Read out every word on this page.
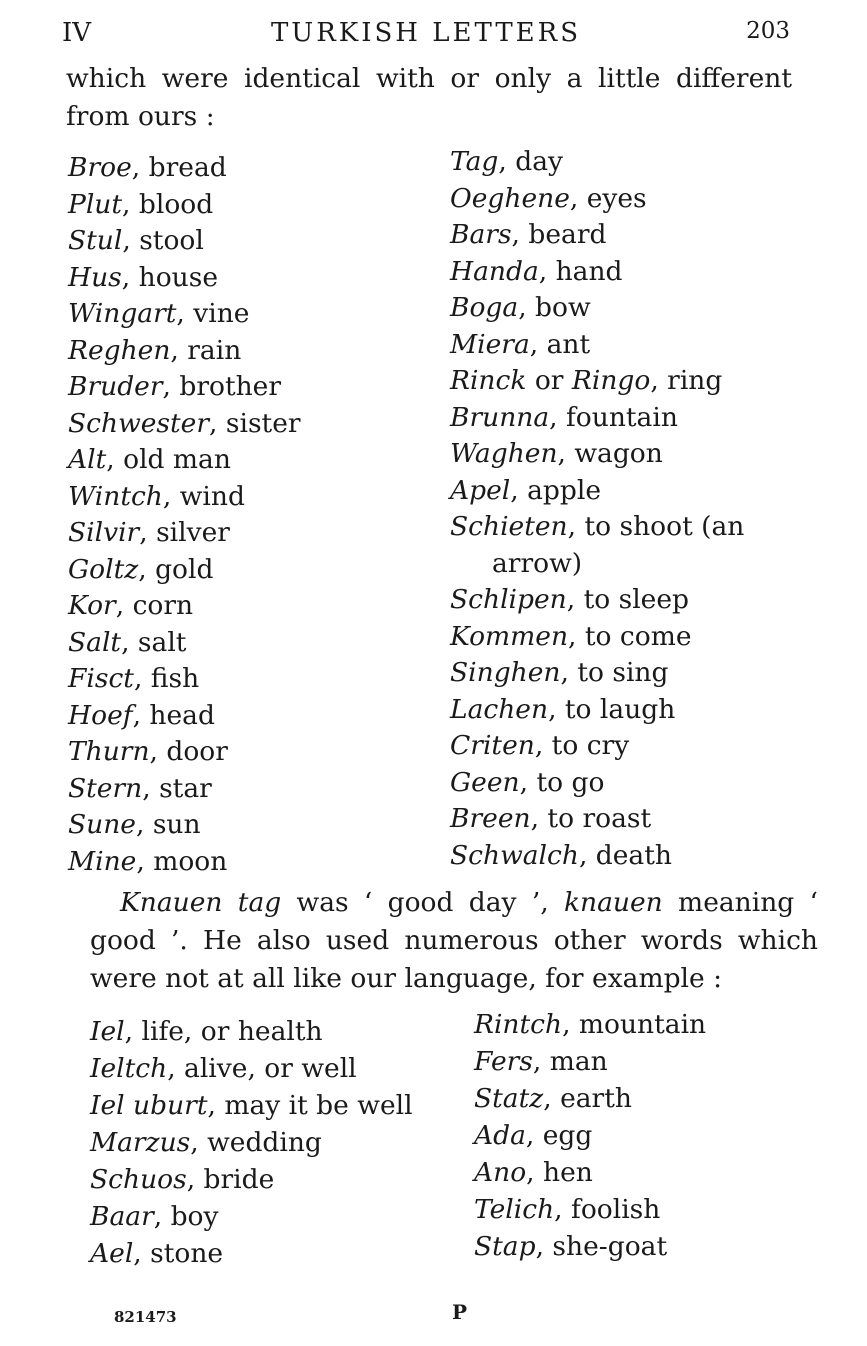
IV	TURKISH LETTERS	203
which were identical with or only a little different from ours :
Broe, bread
Plut, blood
Stul, stool
Hus, house
Wingart, vine
Reghen, rain
Bruder, brother
Schwester, sister
Alt, old man
Wintch, wind
Silvir, silver
Goltz, gold
Kor, corn
Salt, salt
Fisct, fish
Hoef, head
Thurn, door
Stern, star
Sune, sun
Mine, moon
Tag, day
Oeghene, eyes
Bars, beard
Handa, hand
Boga, bow
Miera, ant
Rinck or Ringo, ring
Brunna, fountain
Waghen, wagon
Apel, apple
Schieten, to shoot (an
arrow)
Schlipen, to sleep
Kommen, to come
Singhen, to sing
Lachen, to laugh
Criten, to cry
Geen, to go
Breen, to roast
Schwalch, death
Knauen tag was ‘ good day ’, knauen meaning ‘ good ’. He also used numerous other words which were not at all like our language, for example :
Iel, life, or health
Ieltch, alive, or well
Iel uburt, may it be well
Marzus, wedding
Schuos, bride
Baar, boy
Ael, stone
Rintch, mountain
Fers, man
Statz, earth
Ada, egg
Ano, hen
Telich, foolish
Stap, she-goat
821473	P
